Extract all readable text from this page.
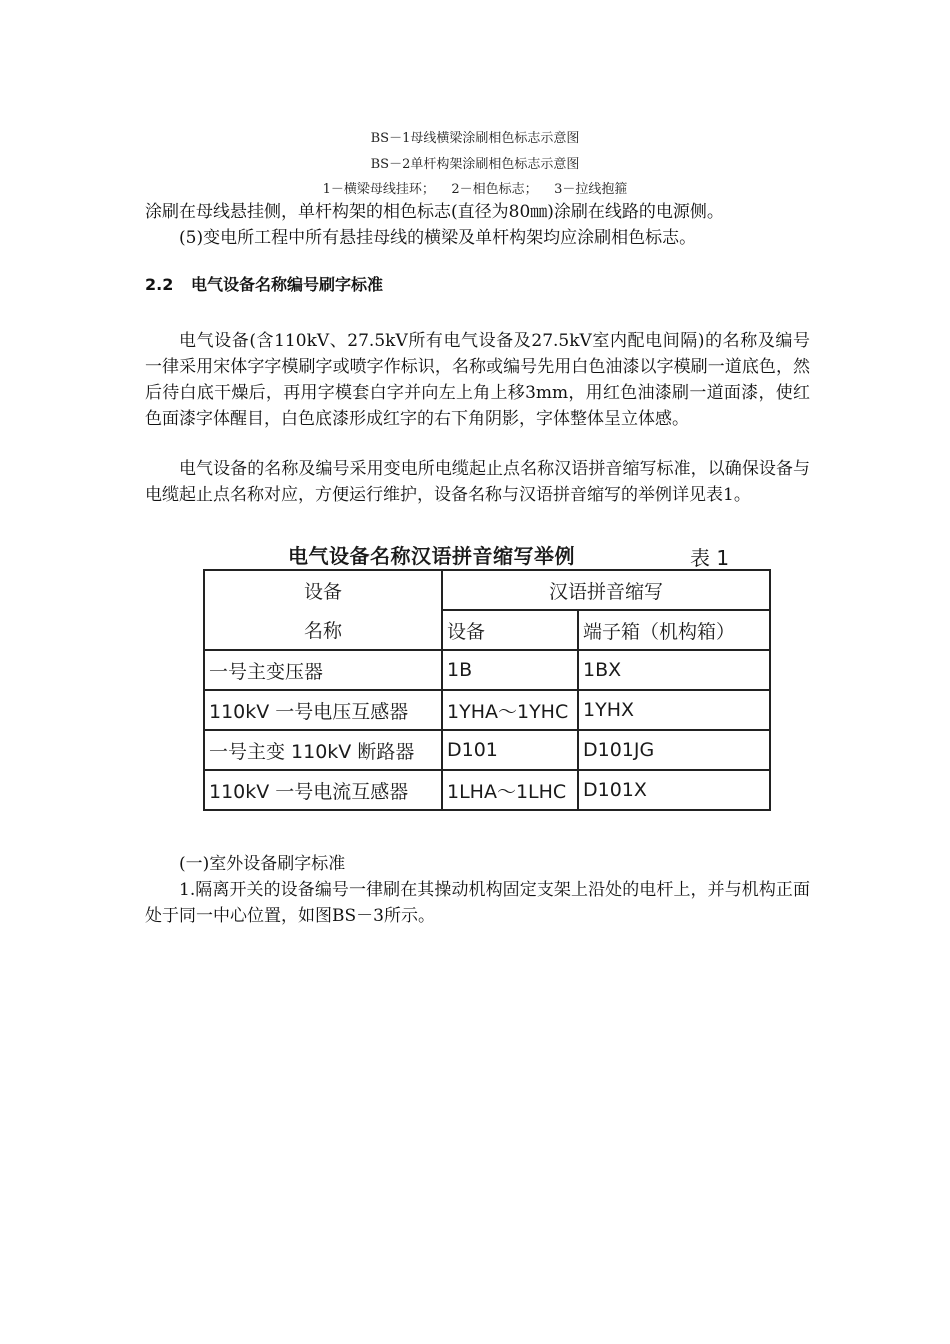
BS－1母线横梁涂刷相色标志示意图
BS－2单杆构架涂刷相色标志示意图
1－横梁母线挂环；    2－相色标志；    3－拉线抱箍
涂刷在母线悬挂侧，单杆构架的相色标志(直径为80㎜)涂刷在线路的电源侧。
(5)变电所工程中所有悬挂母线的横梁及单杆构架均应涂刷相色标志。
2.2 电气设备名称编号刷字标准
电气设备(含110kV、27.5kV所有电气设备及27.5kV室内配电间隔)的名称及编号一律采用宋体字字模刷字或喷字作标识，名称或编号先用白色油漆以字模刷一道底色，然后待白底干燥后，再用字模套白字并向左上角上移3mm，用红色油漆刷一道面漆，使红色面漆字体醒目，白色底漆形成红字的右下角阴影，字体整体呈立体感。
电气设备的名称及编号采用变电所电缆起止点名称汉语拼音缩写标准，以确保设备与电缆起止点名称对应，方便运行维护，设备名称与汉语拼音缩写的举例详见表1。
电气设备名称汉语拼音缩写举例	表 1
设备	汉语拼音缩写	
名称	设备	端子箱（机构箱）
一号主变压器	1B	1BX
110kV 一号电压互感器	1YHA～1YHC	1YHX
一号主变 110kV 断路器	D101	D101JG
110kV 一号电流互感器	1LHA～1LHC	D101X
(一)室外设备刷字标准
1.隔离开关的设备编号一律刷在其操动机构固定支架上沿处的电杆上，并与机构正面处于同一中心位置，如图BS－3所示。
